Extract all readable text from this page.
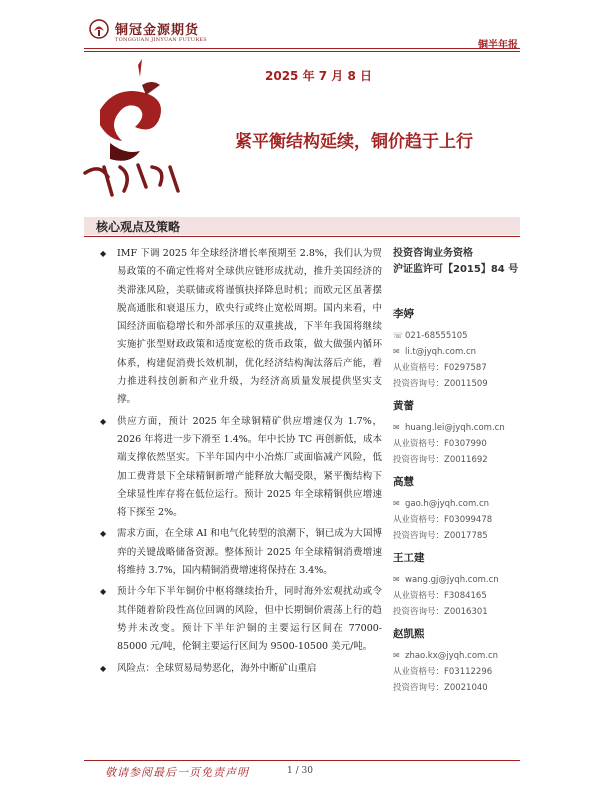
铜冠金源期货
TONGGUAN JINYUAN FUTURES	铜半年报
2025 年 7 月 8 日
紧平衡结构延续，铜价趋于上行
核心观点及策略
◆ IMF 下调 2025 年全球经济增长率预期至 2.8%，我们认为贸易政策的不确定性将对全球供应链形成扰动，推升美国经济的类滞涨风险，美联储或将谨慎抉择降息时机；而欧元区虽著摆脱高通胀和衰退压力，欧央行或终止宽松周期。国内来看，中国经济面临稳增长和外部承压的双重挑战，下半年我国将继续实施扩张型财政政策和适度宽松的货币政策，做大做强内循环体系，构建促消费长效机制，优化经济结构淘汰落后产能，着力推进科技创新和产业升级，为经济高质量发展提供坚实支撑。
◆ 供应方面，预计 2025 年全球铜精矿供应增速仅为 1.7%，2026 年将进一步下滑至 1.4%。年中长协 TC 再创新低，成本端支撑依然坚实。下半年国内中小冶炼厂或面临减产风险，低加工费背景下全球精铜新增产能释放大幅受限，紧平衡结构下全球显性库存将在低位运行。预计 2025 年全球精铜供应增速将下探至 2%。
◆ 需求方面，在全球 AI 和电气化转型的浪潮下，铜已成为大国博弈的关键战略储备资源。整体预计 2025 年全球精铜消费增速将维持 3.7%，国内精铜消费增速将保持在 3.4%。
◆ 预计今年下半年铜价中枢将继续抬升，同时海外宏观扰动或令其伴随着阶段性高位回调的风险，但中长期铜价震荡上行的趋势并未改变。预计下半年沪铜的主要运行区间在 77000-85000 元/吨，伦铜主要运行区间为 9500-10500 美元/吨。
◆ 风险点：全球贸易局势恶化，海外中断矿山重启
投资咨询业务资格
沪证监许可【2015】84 号
李婷
☏ 021-68555105
✉ li.t@jyqh.com.cn
从业资格号：F0297587
投资咨询号：Z0011509
黄蕾
✉ huang.lei@jyqh.com.cn
从业资格号：F0307990
投资咨询号：Z0011692
高慧
✉ gao.h@jyqh.com.cn
从业资格号：F03099478
投资咨询号：Z0017785
王工建
✉ wang.gj@jyqh.com.cn
从业资格号：F3084165
投资咨询号：Z0016301
赵凯熙
✉ zhao.kx@jyqh.com.cn
从业资格号：F03112296
投资咨询号：Z0021040
敬请参阅最后一页免责声明	1 / 30
